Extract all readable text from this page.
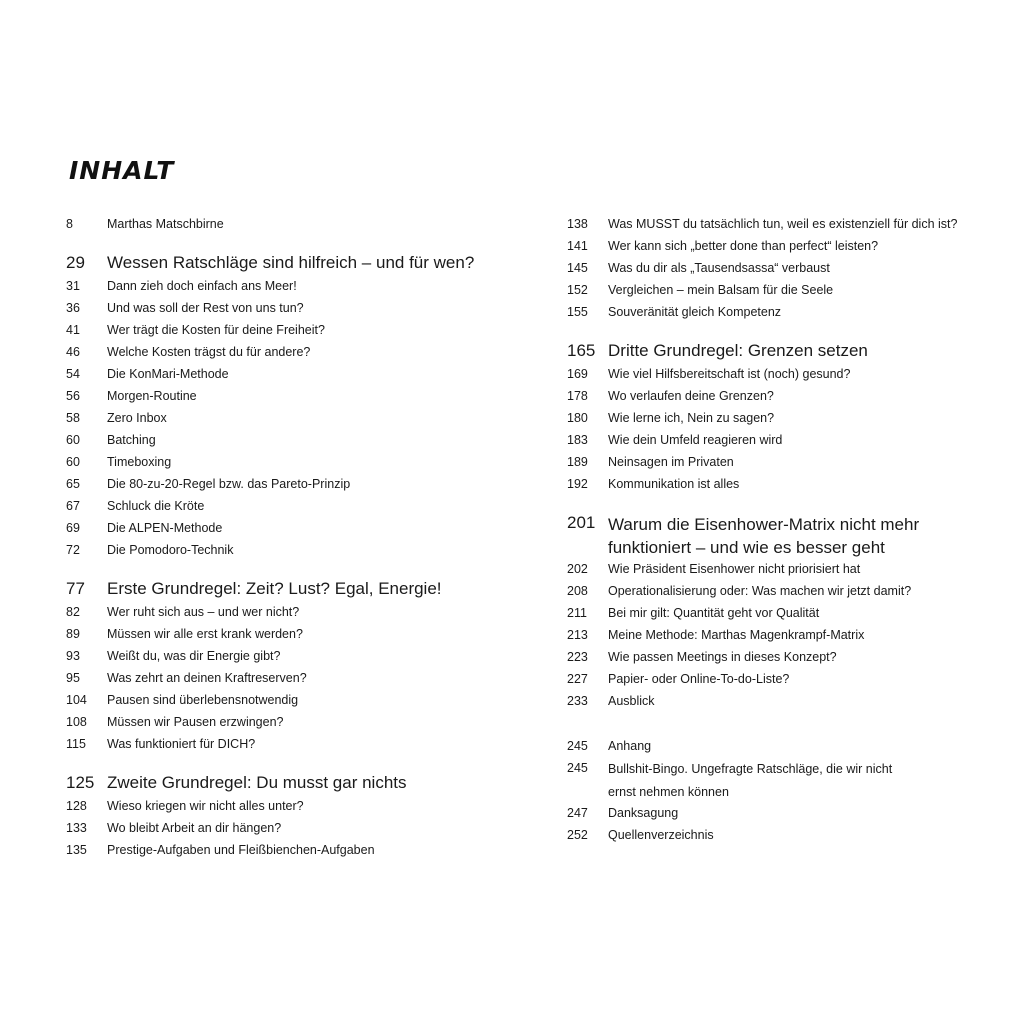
INHALT
8	Marthas Matschbirne
29 Wessen Ratschläge sind hilfreich – und für wen?
31 Dann zieh doch einfach ans Meer!
36 Und was soll der Rest von uns tun?
41 Wer trägt die Kosten für deine Freiheit?
46 Welche Kosten trägst du für andere?
54 Die KonMari-Methode
56 Morgen-Routine
58 Zero Inbox
60 Batching
60 Timeboxing
65 Die 80-zu-20-Regel bzw. das Pareto-Prinzip
67 Schluck die Kröte
69 Die ALPEN-Methode
72 Die Pomodoro-Technik
77 Erste Grundregel: Zeit? Lust? Egal, Energie!
82 Wer ruht sich aus – und wer nicht?
89 Müssen wir alle erst krank werden?
93 Weißt du, was dir Energie gibt?
95 Was zehrt an deinen Kraftreserven?
104 Pausen sind überlebensnotwendig
108 Müssen wir Pausen erzwingen?
115 Was funktioniert für DICH?
125 Zweite Grundregel: Du musst gar nichts
128 Wieso kriegen wir nicht alles unter?
133 Wo bleibt Arbeit an dir hängen?
135 Prestige-Aufgaben und Fleißbienchen-Aufgaben
138 Was MUSST du tatsächlich tun, weil es existenziell für dich ist?
141 Wer kann sich „better done than perfect“ leisten?
145 Was du dir als „Tausendsassa“ verbaust
152 Vergleichen – mein Balsam für die Seele
155 Souveränität gleich Kompetenz
165 Dritte Grundregel: Grenzen setzen
169 Wie viel Hilfsbereitschaft ist (noch) gesund?
178 Wo verlaufen deine Grenzen?
180 Wie lerne ich, Nein zu sagen?
183 Wie dein Umfeld reagieren wird
189 Neinsagen im Privaten
192 Kommunikation ist alles
201 Warum die Eisenhower-Matrix nicht mehr funktioniert – und wie es besser geht
202 Wie Präsident Eisenhower nicht priorisiert hat
208 Operationalisierung oder: Was machen wir jetzt damit?
211 Bei mir gilt: Quantität geht vor Qualität
213 Meine Methode: Marthas Magenkrampf-Matrix
223 Wie passen Meetings in dieses Konzept?
227 Papier- oder Online-To-do-Liste?
233 Ausblick
245 Anhang
245 Bullshit-Bingo. Ungefragte Ratschläge, die wir nicht ernst nehmen können
247 Danksagung
252 Quellenverzeichnis
